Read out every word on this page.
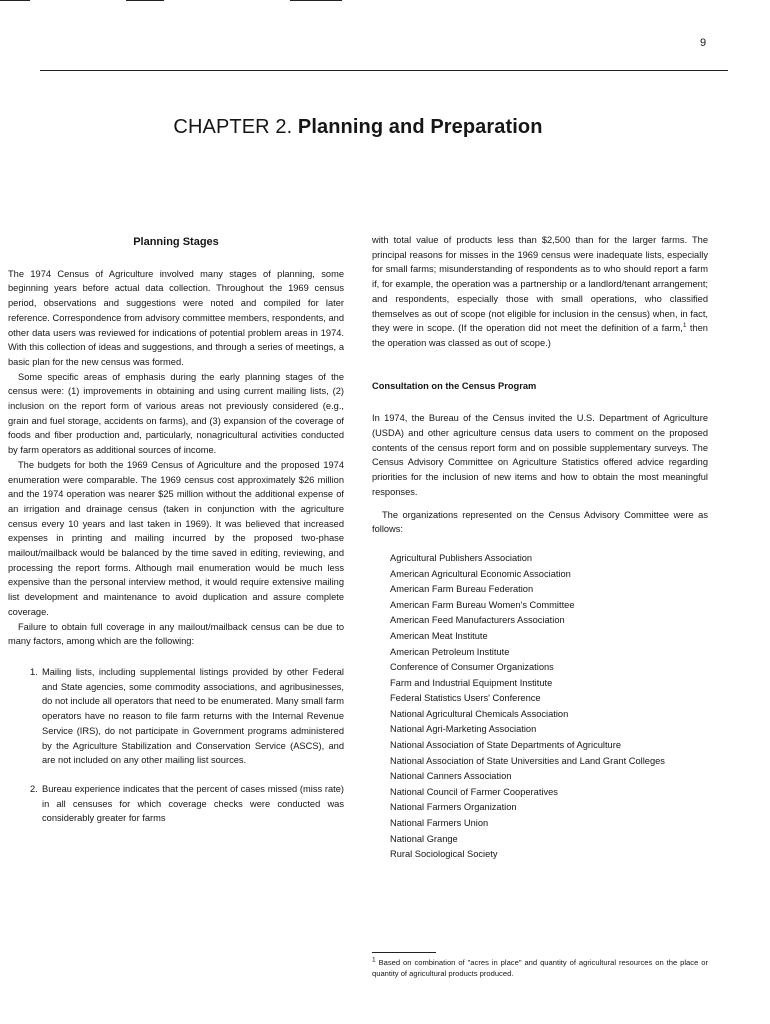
9
CHAPTER 2. Planning and Preparation
Planning Stages

The 1974 Census of Agriculture involved many stages of planning, some beginning years before actual data collection. Throughout the 1969 census period, observations and suggestions were noted and compiled for later reference. Correspondence from advisory committee members, respondents, and other data users was reviewed for indications of potential problem areas in 1974. With this collection of ideas and suggestions, and through a series of meetings, a basic plan for the new census was formed.

Some specific areas of emphasis during the early planning stages of the census were: (1) improvements in obtaining and using current mailing lists, (2) inclusion on the report form of various areas not previously considered (e.g., grain and fuel storage, accidents on farms), and (3) expansion of the coverage of foods and fiber production and, particularly, nonagricultural activities conducted by farm operators as additional sources of income.

The budgets for both the 1969 Census of Agriculture and the proposed 1974 enumeration were comparable. The 1969 census cost approximately $26 million and the 1974 operation was nearer $25 million without the additional expense of an irrigation and drainage census (taken in conjunction with the agriculture census every 10 years and last taken in 1969). It was believed that increased expenses in printing and mailing incurred by the proposed two-phase mailout/mailback would be balanced by the time saved in editing, reviewing, and processing the report forms. Although mail enumeration would be much less expensive than the personal interview method, it would require extensive mailing list development and maintenance to avoid duplication and assure complete coverage.

Failure to obtain full coverage in any mailout/mailback census can be due to many factors, among which are the following:

1. Mailing lists, including supplemental listings provided by other Federal and State agencies, some commodity associations, and agribusinesses, do not include all operators that need to be enumerated. Many small farm operators have no reason to file farm returns with the Internal Revenue Service (IRS), do not participate in Government programs administered by the Agriculture Stabilization and Conservation Service (ASCS), and are not included on any other mailing list sources.
2. Bureau experience indicates that the percent of cases missed (miss rate) in all censuses for which coverage checks were conducted was considerably greater for farms

with total value of products less than $2,500 than for the larger farms. The principal reasons for misses in the 1969 census were inadequate lists, especially for small farms; misunderstanding of respondents as to who should report a farm if, for example, the operation was a partnership or a landlord/tenant arrangement; and respondents, especially those with small operations, who classified themselves as out of scope (not eligible for inclusion in the census) when, in fact, they were in scope. (If the operation did not meet the definition of a farm,$^1$ then the operation was classed as out of scope.)

Consultation on the Census Program

In 1974, the Bureau of the Census invited the U.S. Department of Agriculture (USDA) and other agriculture census data users to comment on the proposed contents of the census report form and on possible supplementary surveys. The Census Advisory Committee on Agriculture Statistics offered advice regarding priorities for the inclusion of new items and how to obtain the most meaningful responses.

The organizations represented on the Census Advisory Committee were as follows:

Agricultural Publishers Association
American Agricultural Economic Association
American Farm Bureau Federation
American Farm Bureau Women's Committee
American Feed Manufacturers Association
American Meat Institute
American Petroleum Institute
Conference of Consumer Organizations
Farm and Industrial Equipment Institute
Federal Statistics Users' Conference
National Agricultural Chemicals Association
National Agri-Marketing Association
National Association of State Departments of Agriculture
National Association of State Universities and Land Grant Colleges
National Canners Association
National Council of Farmer Cooperatives
National Farmers Organization
National Farmers Union
National Grange
Rural Sociological Society
$^1$ Based on combination of "acres in place" and quantity of agricultural resources on the place or quantity of agricultural products produced.
